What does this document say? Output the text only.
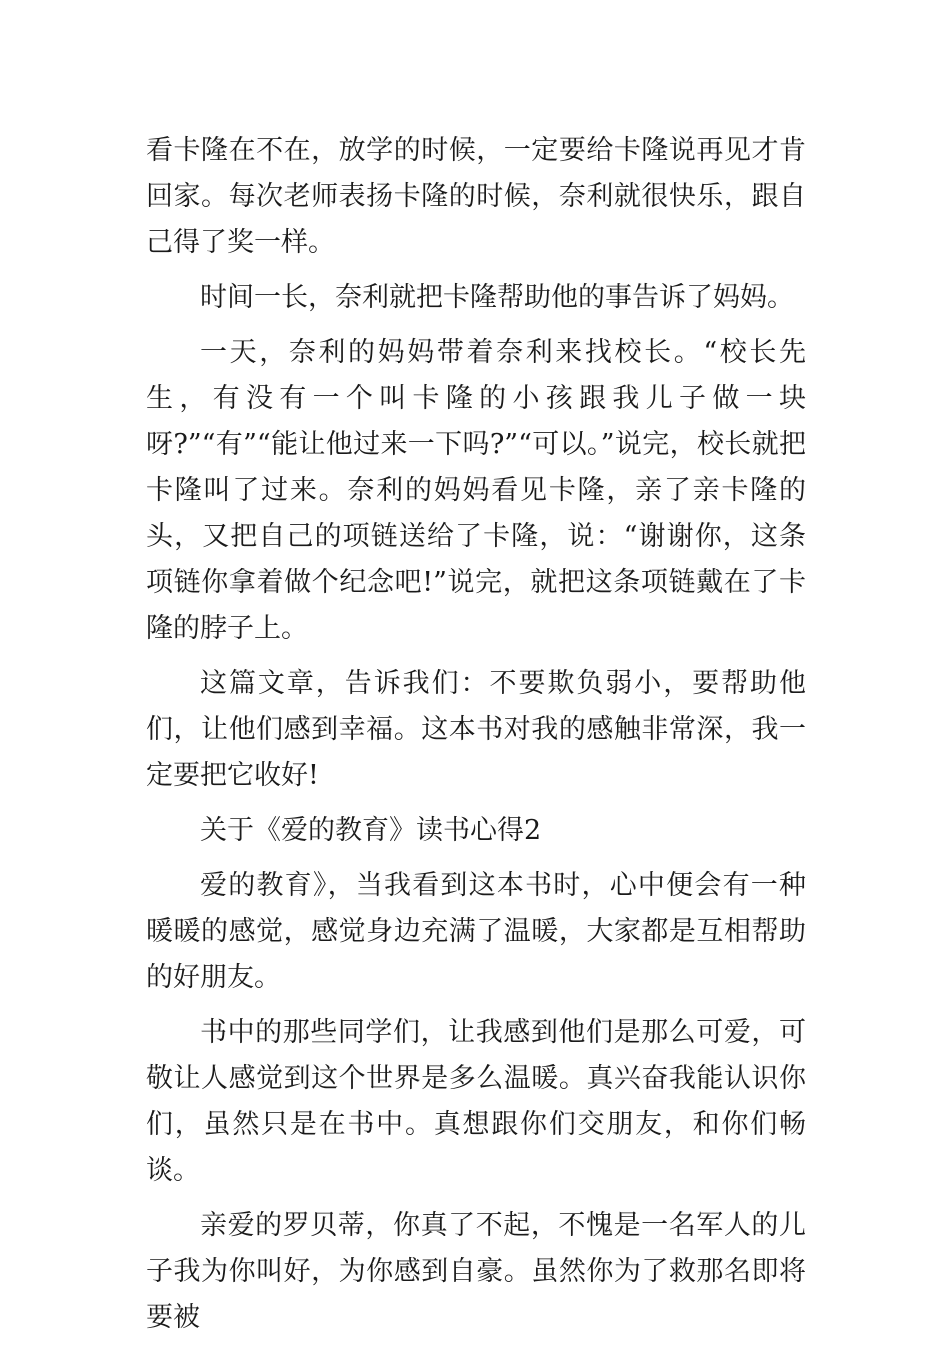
看卡隆在不在，放学的时候，一定要给卡隆说再见才肯回家。每次老师表扬卡隆的时候，奈利就很快乐，跟自己得了奖一样。

时间一长，奈利就把卡隆帮助他的事告诉了妈妈。

一天，奈利的妈妈带着奈利来找校长。“校长先生，有没有一个叫卡隆的小孩跟我儿子做一块呀?”“有”“能让他过来一下吗?”“可以。”说完，校长就把卡隆叫了过来。奈利的妈妈看见卡隆，亲了亲卡隆的头，又把自己的项链送给了卡隆，说：“谢谢你，这条项链你拿着做个纪念吧!”说完，就把这条项链戴在了卡隆的脖子上。

这篇文章，告诉我们：不要欺负弱小，要帮助他们，让他们感到幸福。这本书对我的感触非常深，我一定要把它收好!

关于《爱的教育》读书心得2

爱的教育》，当我看到这本书时，心中便会有一种暖暖的感觉，感觉身边充满了温暖，大家都是互相帮助的好朋友。

书中的那些同学们，让我感到他们是那么可爱，可敬让人感觉到这个世界是多么温暖。真兴奋我能认识你们，虽然只是在书中。真想跟你们交朋友，和你们畅谈。

亲爱的罗贝蒂，你真了不起，不愧是一名军人的儿子我为你叫好，为你感到自豪。虽然你为了救那名即将要被
